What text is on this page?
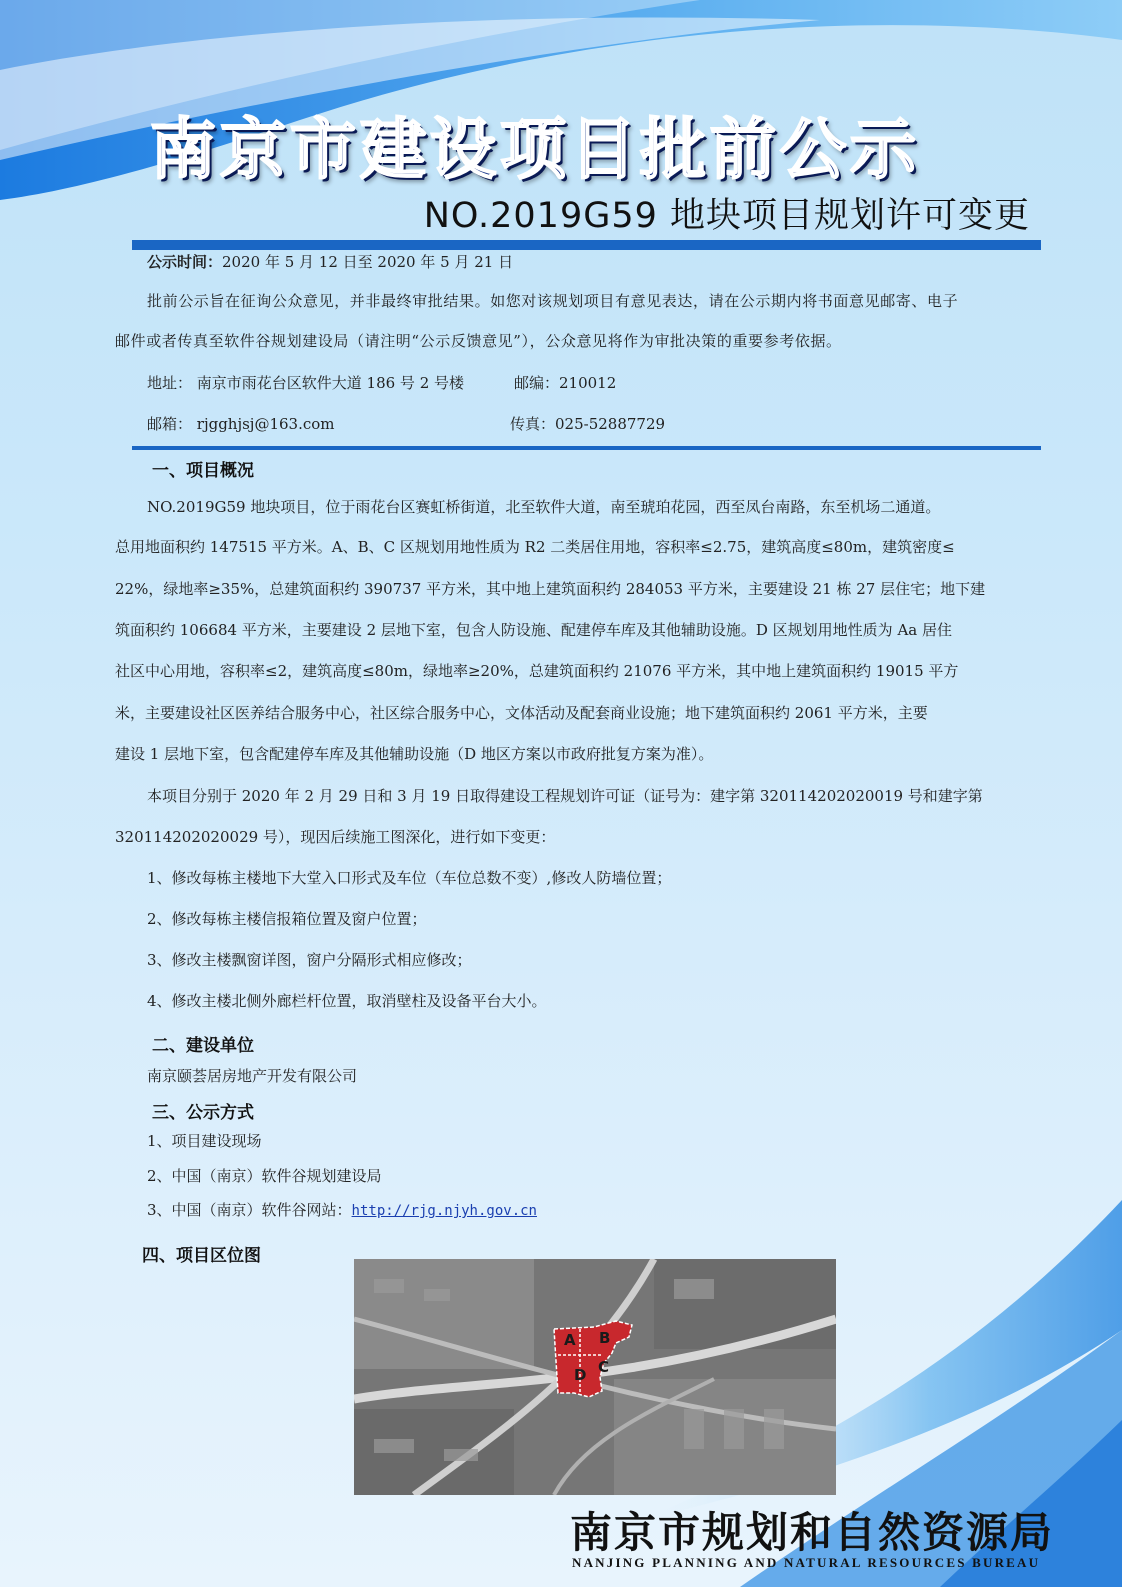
南京市建设项目批前公示
NO.2019G59 地块项目规划许可变更
公示时间：2020 年 5 月 12 日至 2020 年 5 月 21 日
批前公示旨在征询公众意见，并非最终审批结果。如您对该规划项目有意见表达，请在公示期内将书面意见邮寄、电子
邮件或者传真至软件谷规划建设局（请注明“公示反馈意见”），公众意见将作为审批决策的重要参考依据。
地址： 南京市雨花台区软件大道 186 号 2 号楼	邮编：210012
邮箱： rjgghjsj@163.com	传真：025-52887729
一、项目概况
NO.2019G59 地块项目，位于雨花台区赛虹桥街道，北至软件大道，南至琥珀花园，西至凤台南路，东至机场二通道。
总用地面积约 147515 平方米。A、B、C 区规划用地性质为 R2 二类居住用地，容积率≤2.75，建筑高度≤80m，建筑密度≤
22%，绿地率≥35%，总建筑面积约 390737 平方米，其中地上建筑面积约 284053 平方米，主要建设 21 栋 27 层住宅；地下建
筑面积约 106684 平方米，主要建设 2 层地下室，包含人防设施、配建停车库及其他辅助设施。D 区规划用地性质为 Aa 居住
社区中心用地，容积率≤2，建筑高度≤80m，绿地率≥20%，总建筑面积约 21076 平方米，其中地上建筑面积约 19015 平方
米，主要建设社区医养结合服务中心，社区综合服务中心，文体活动及配套商业设施；地下建筑面积约 2061 平方米，主要
建设 1 层地下室，包含配建停车库及其他辅助设施（D 地区方案以市政府批复方案为准）。
本项目分别于 2020 年 2 月 29 日和 3 月 19 日取得建设工程规划许可证（证号为：建字第 320114202020019 号和建字第
320114202020029 号），现因后续施工图深化，进行如下变更：
1、修改每栋主楼地下大堂入口形式及车位（车位总数不变）,修改人防墙位置；
2、修改每栋主楼信报箱位置及窗户位置；
3、修改主楼飘窗详图，窗户分隔形式相应修改；
4、修改主楼北侧外廊栏杆位置，取消壁柱及设备平台大小。
二、建设单位
南京颐荟居房地产开发有限公司
三、公示方式
1、项目建设现场
2、中国（南京）软件谷规划建设局
3、中国（南京）软件谷网站：http://rjg.njyh.gov.cn
四、项目区位图
A B
C
D
南京市规划和自然资源局
NANJING PLANNING AND NATURAL RESOURCES BUREAU
